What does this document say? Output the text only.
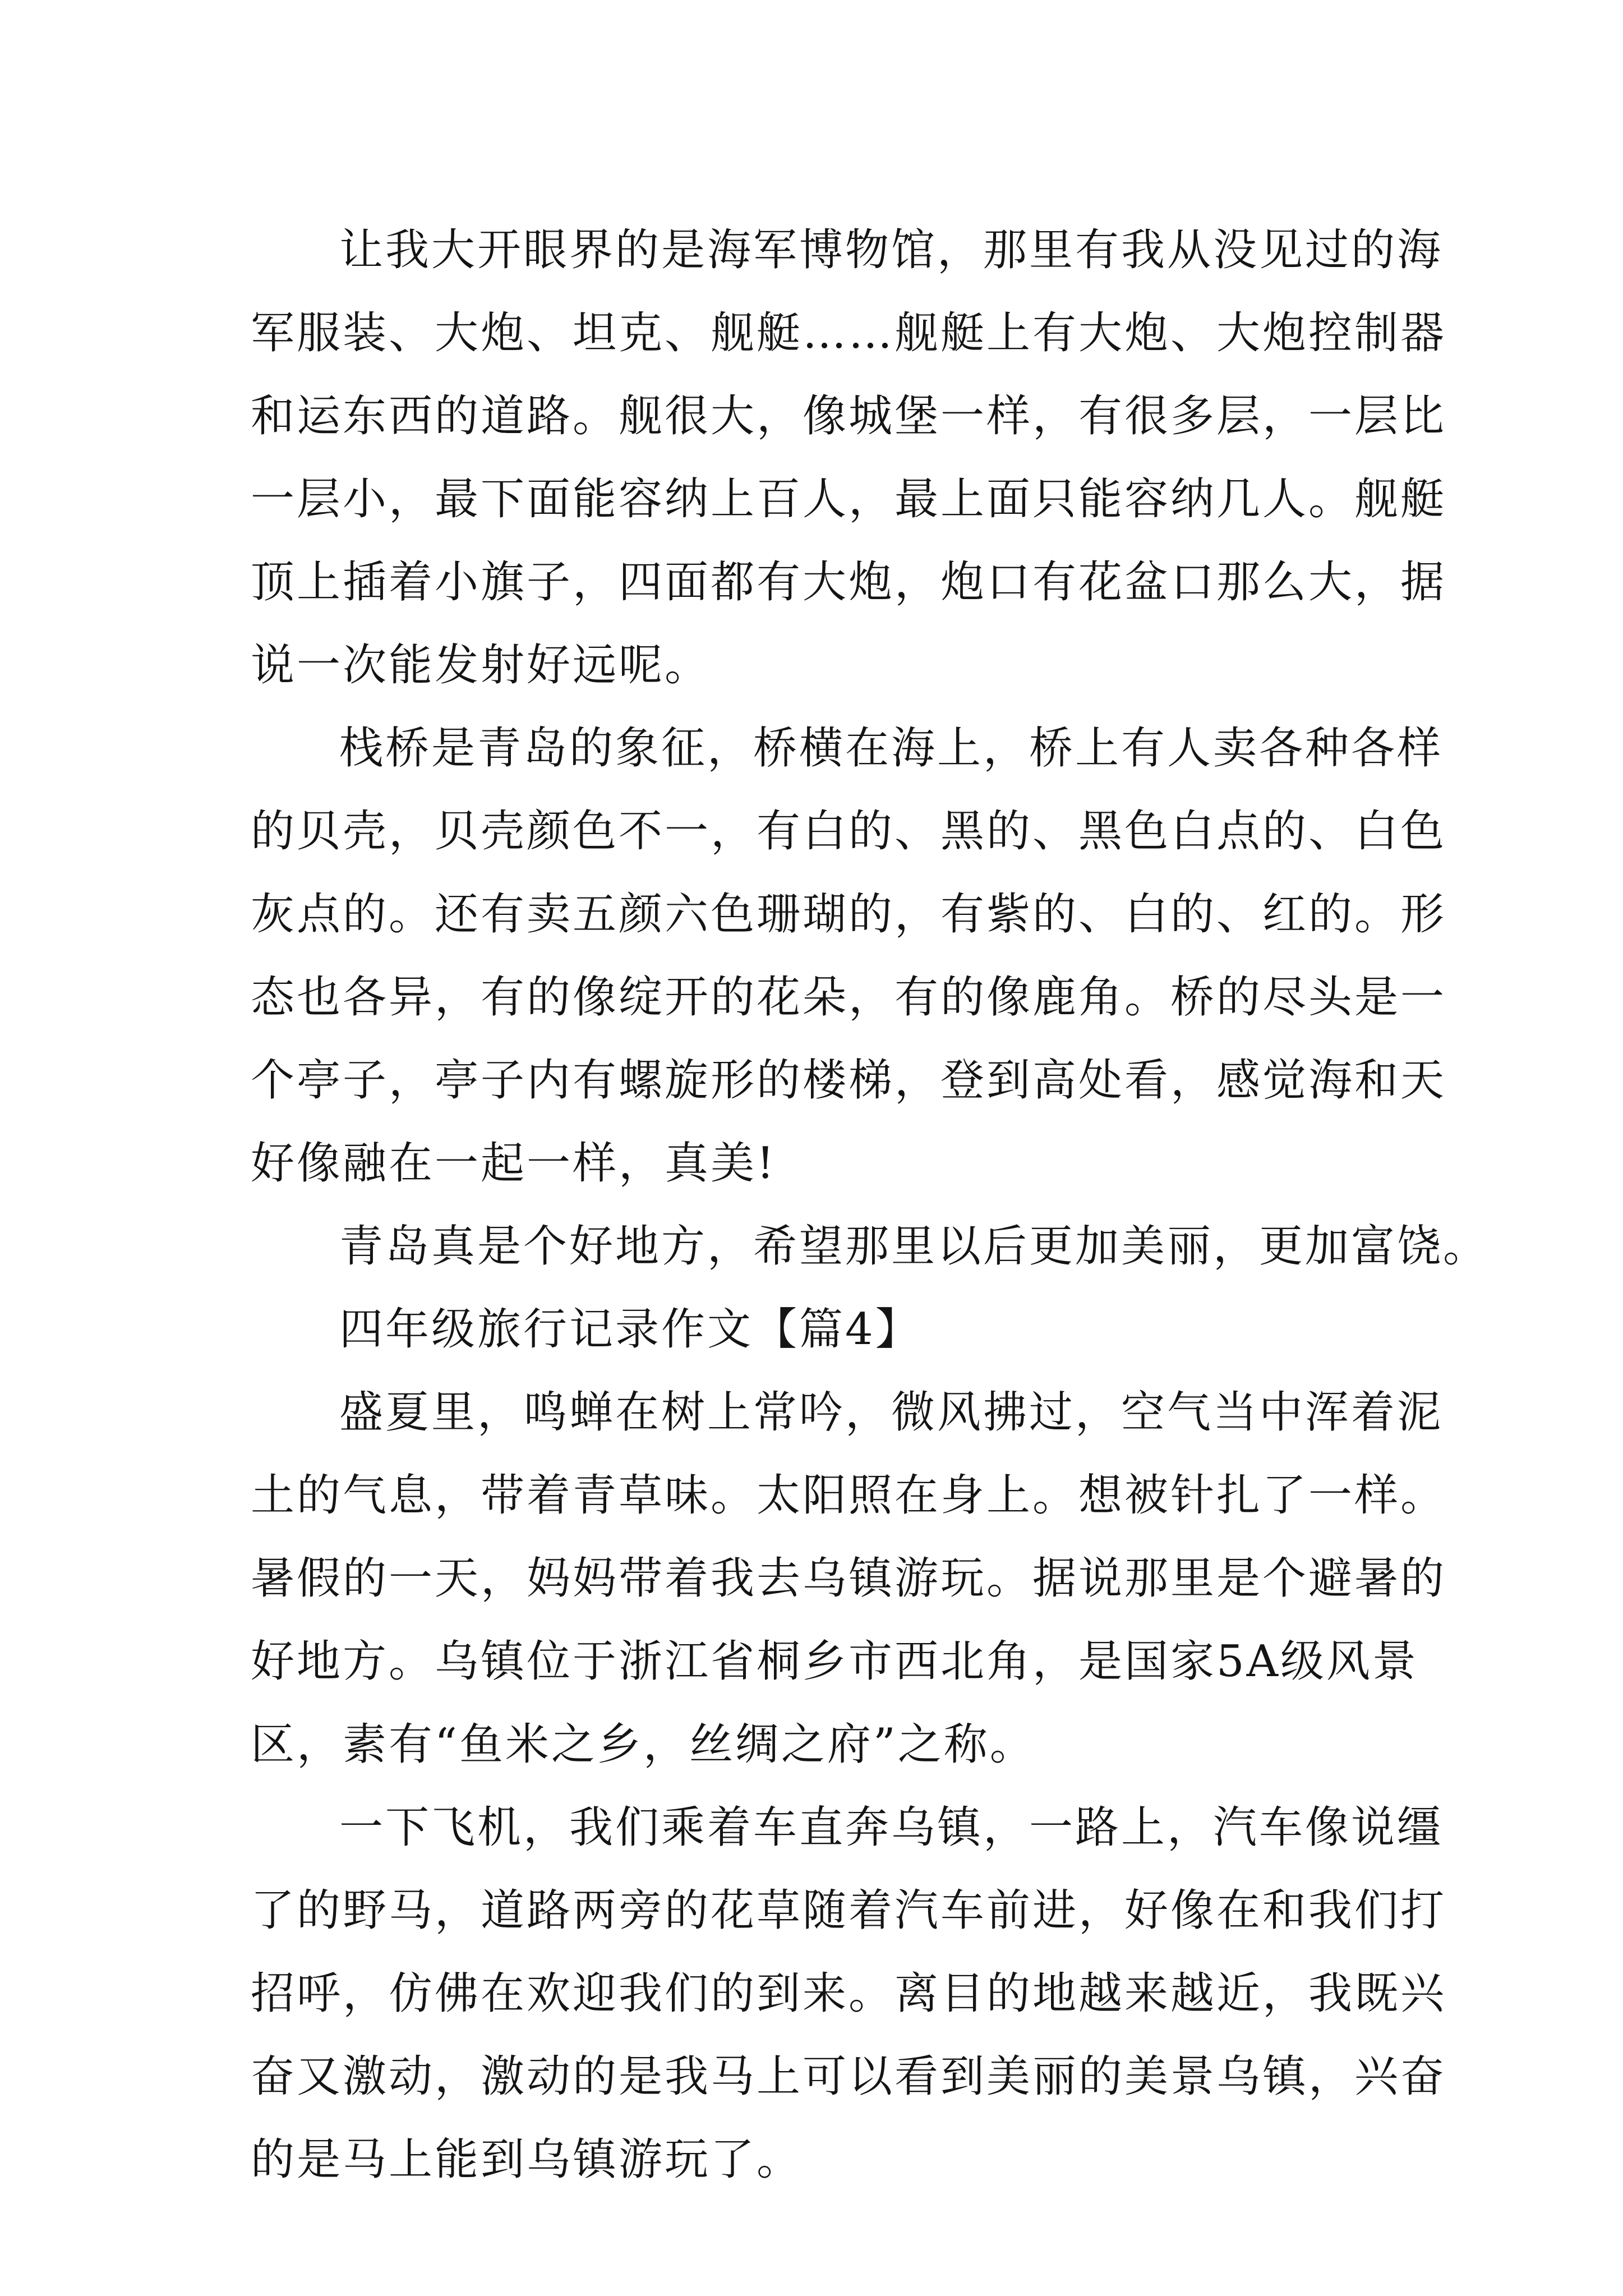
让我大开眼界的是海军博物馆，那里有我从没见过的海
军服装、大炮、坦克、舰艇……舰艇上有大炮、大炮控制器
和运东西的道路。舰很大，像城堡一样，有很多层，一层比
一层小，最下面能容纳上百人，最上面只能容纳几人。舰艇
顶上插着小旗子，四面都有大炮，炮口有花盆口那么大，据
说一次能发射好远呢。
栈桥是青岛的象征，桥横在海上，桥上有人卖各种各样
的贝壳，贝壳颜色不一，有白的、黑的、黑色白点的、白色
灰点的。还有卖五颜六色珊瑚的，有紫的、白的、红的。形
态也各异，有的像绽开的花朵，有的像鹿角。桥的尽头是一
个亭子，亭子内有螺旋形的楼梯，登到高处看，感觉海和天
好像融在一起一样，真美!
青岛真是个好地方，希望那里以后更加美丽，更加富饶。
四年级旅行记录作文【篇4】
盛夏里，鸣蝉在树上常吟，微风拂过，空气当中浑着泥
土的气息，带着青草味。太阳照在身上。想被针扎了一样。
暑假的一天，妈妈带着我去乌镇游玩。据说那里是个避暑的
好地方。乌镇位于浙江省桐乡市西北角，是国家5A级风景
区，素有“鱼米之乡，丝绸之府”之称。
一下飞机，我们乘着车直奔乌镇，一路上，汽车像说缰
了的野马，道路两旁的花草随着汽车前进，好像在和我们打
招呼，仿佛在欢迎我们的到来。离目的地越来越近，我既兴
奋又激动，激动的是我马上可以看到美丽的美景乌镇，兴奋
的是马上能到乌镇游玩了。
